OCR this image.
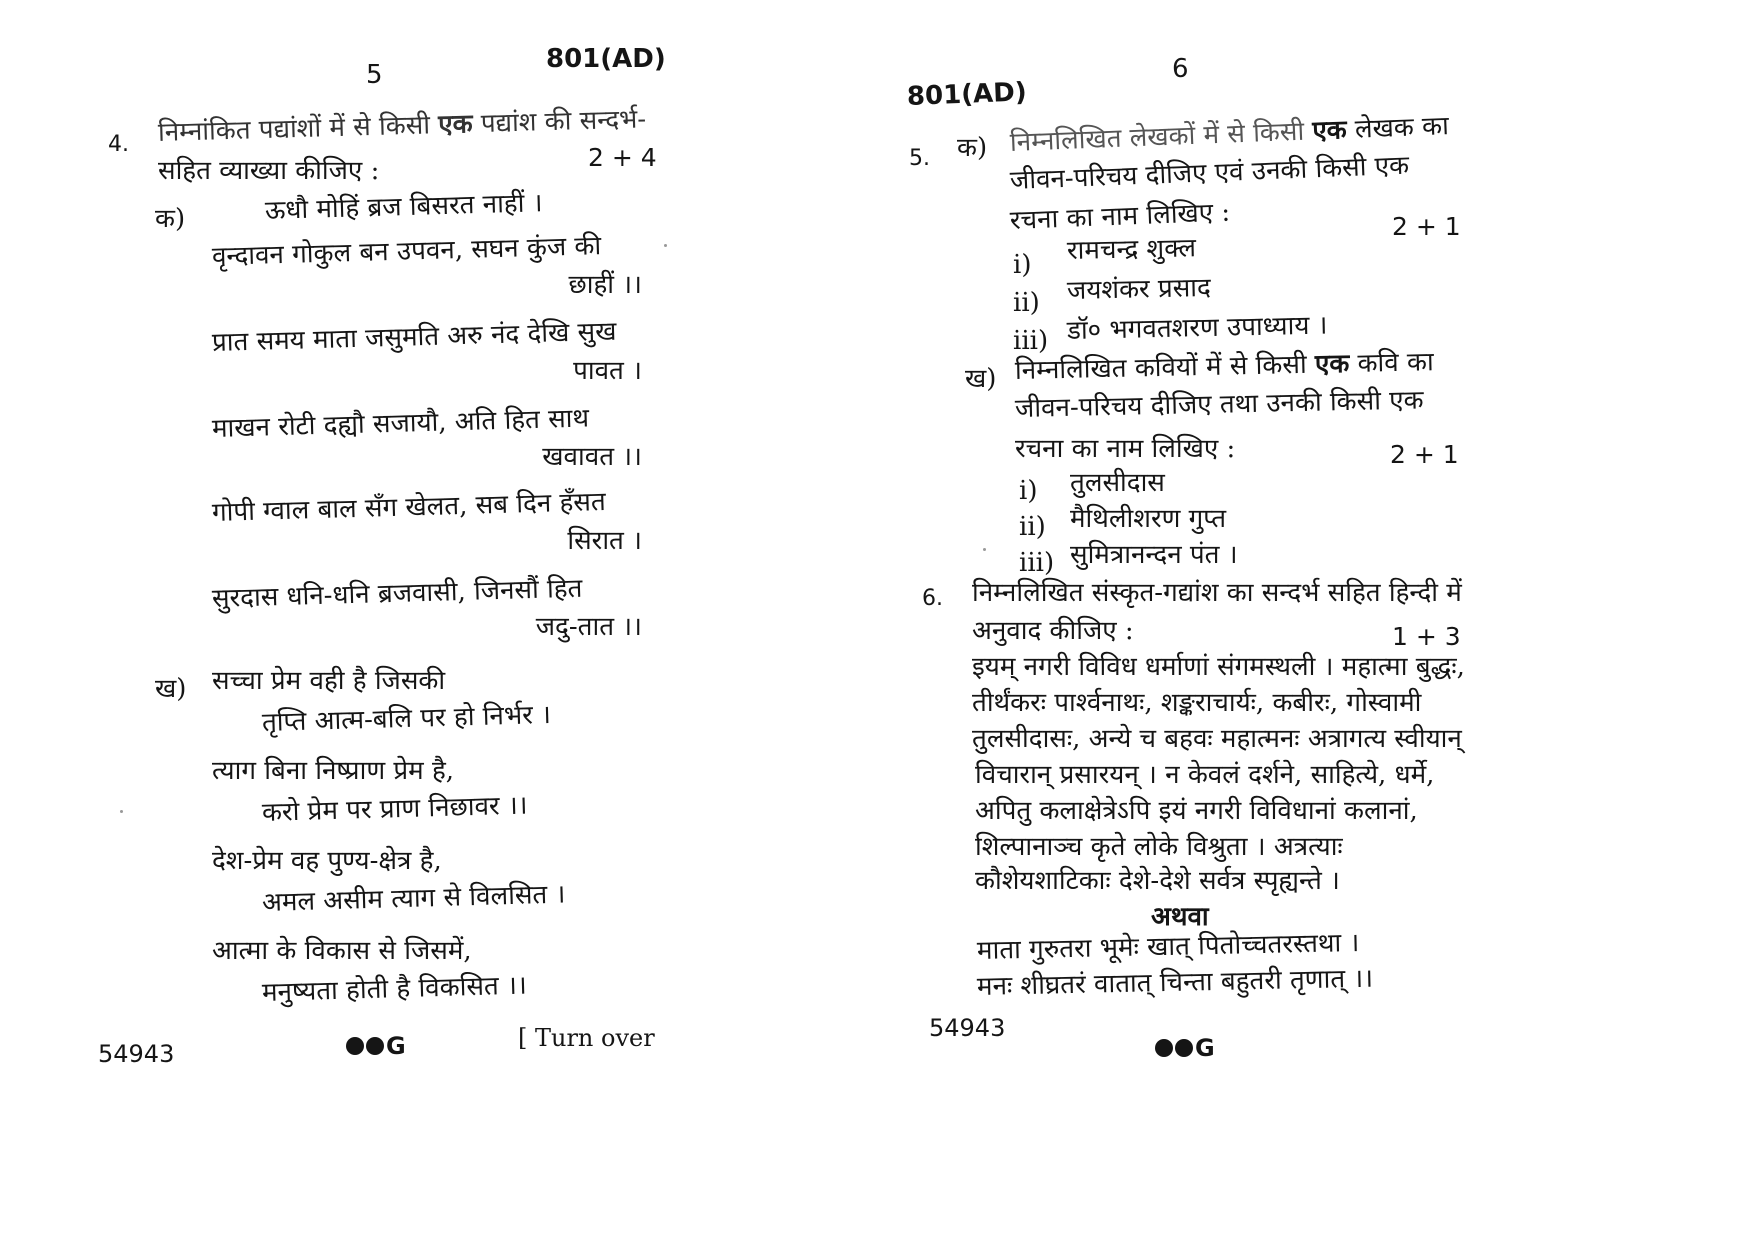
5
801(AD)
4. निम्नांकित पद्यांशों में से किसी एक पद्यांश की सन्दर्भ-
सहित व्याख्या कीजिए :	2 + 4
क)	ऊधौ मोहिं ब्रज बिसरत नाहीं ।
वृन्दावन गोकुल बन उपवन, सघन कुंज की
छाहीं ।।
प्रात समय माता जसुमति अरु नंद देखि सुख
पावत ।
माखन रोटी दह्यौ सजायौ, अति हित साथ
खवावत ।।
गोपी ग्वाल बाल सँग खेलत, सब दिन हँसत
सिरात ।
सुरदास धनि-धनि ब्रजवासी, जिनसौं हित
जदु-तात ।।
ख) सच्चा प्रेम वही है जिसकी
तृप्ति आत्म-बलि पर हो निर्भर ।
त्याग बिना निष्प्राण प्रेम है,
करो प्रेम पर प्राण निछावर ।।
देश-प्रेम वह पुण्य-क्षेत्र है,
अमल असीम त्याग से विलसित ।
आत्मा के विकास से जिसमें,
मनुष्यता होती है विकसित ।।
54943	G	[ Turn over
6
801(AD)
5. क) निम्नलिखित लेखकों में से किसी एक लेखक का
जीवन-परिचय दीजिए एवं उनकी किसी एक
रचना का नाम लिखिए :	2 + 1
i) रामचन्द्र शुक्ल
ii) जयशंकर प्रसाद
iii) डॉ० भगवतशरण उपाध्याय ।
ख) निम्नलिखित कवियों में से किसी एक कवि का
जीवन-परिचय दीजिए तथा उनकी किसी एक
रचना का नाम लिखिए :	2 + 1
i) तुलसीदास
ii) मैथिलीशरण गुप्त
iii) सुमित्रानन्दन पंत ।
6. निम्नलिखित संस्कृत-गद्यांश का सन्दर्भ सहित हिन्दी में
अनुवाद कीजिए :	1 + 3
इयम् नगरी विविध धर्माणां संगमस्थली । महात्मा बुद्धः,
तीर्थंकरः पार्श्वनाथः, शङ्कराचार्यः, कबीरः, गोस्वामी
तुलसीदासः, अन्ये च बहवः महात्मनः अत्रागत्य स्वीयान्
विचारान् प्रसारयन् । न केवलं दर्शने, साहित्ये, धर्मे,
अपितु कलाक्षेत्रेऽपि इयं नगरी विविधानां कलानां,
शिल्पानाञ्च कृते लोके विश्रुता । अत्रत्याः
कौशेयशाटिकाः देशे-देशे सर्वत्र स्पृह्यन्ते ।
अथवा
माता गुरुतरा भूमेः खात् पितोच्चतरस्तथा ।
मनः शीघ्रतरं वातात् चिन्ता बहुतरी तृणात् ।।
54943
G
